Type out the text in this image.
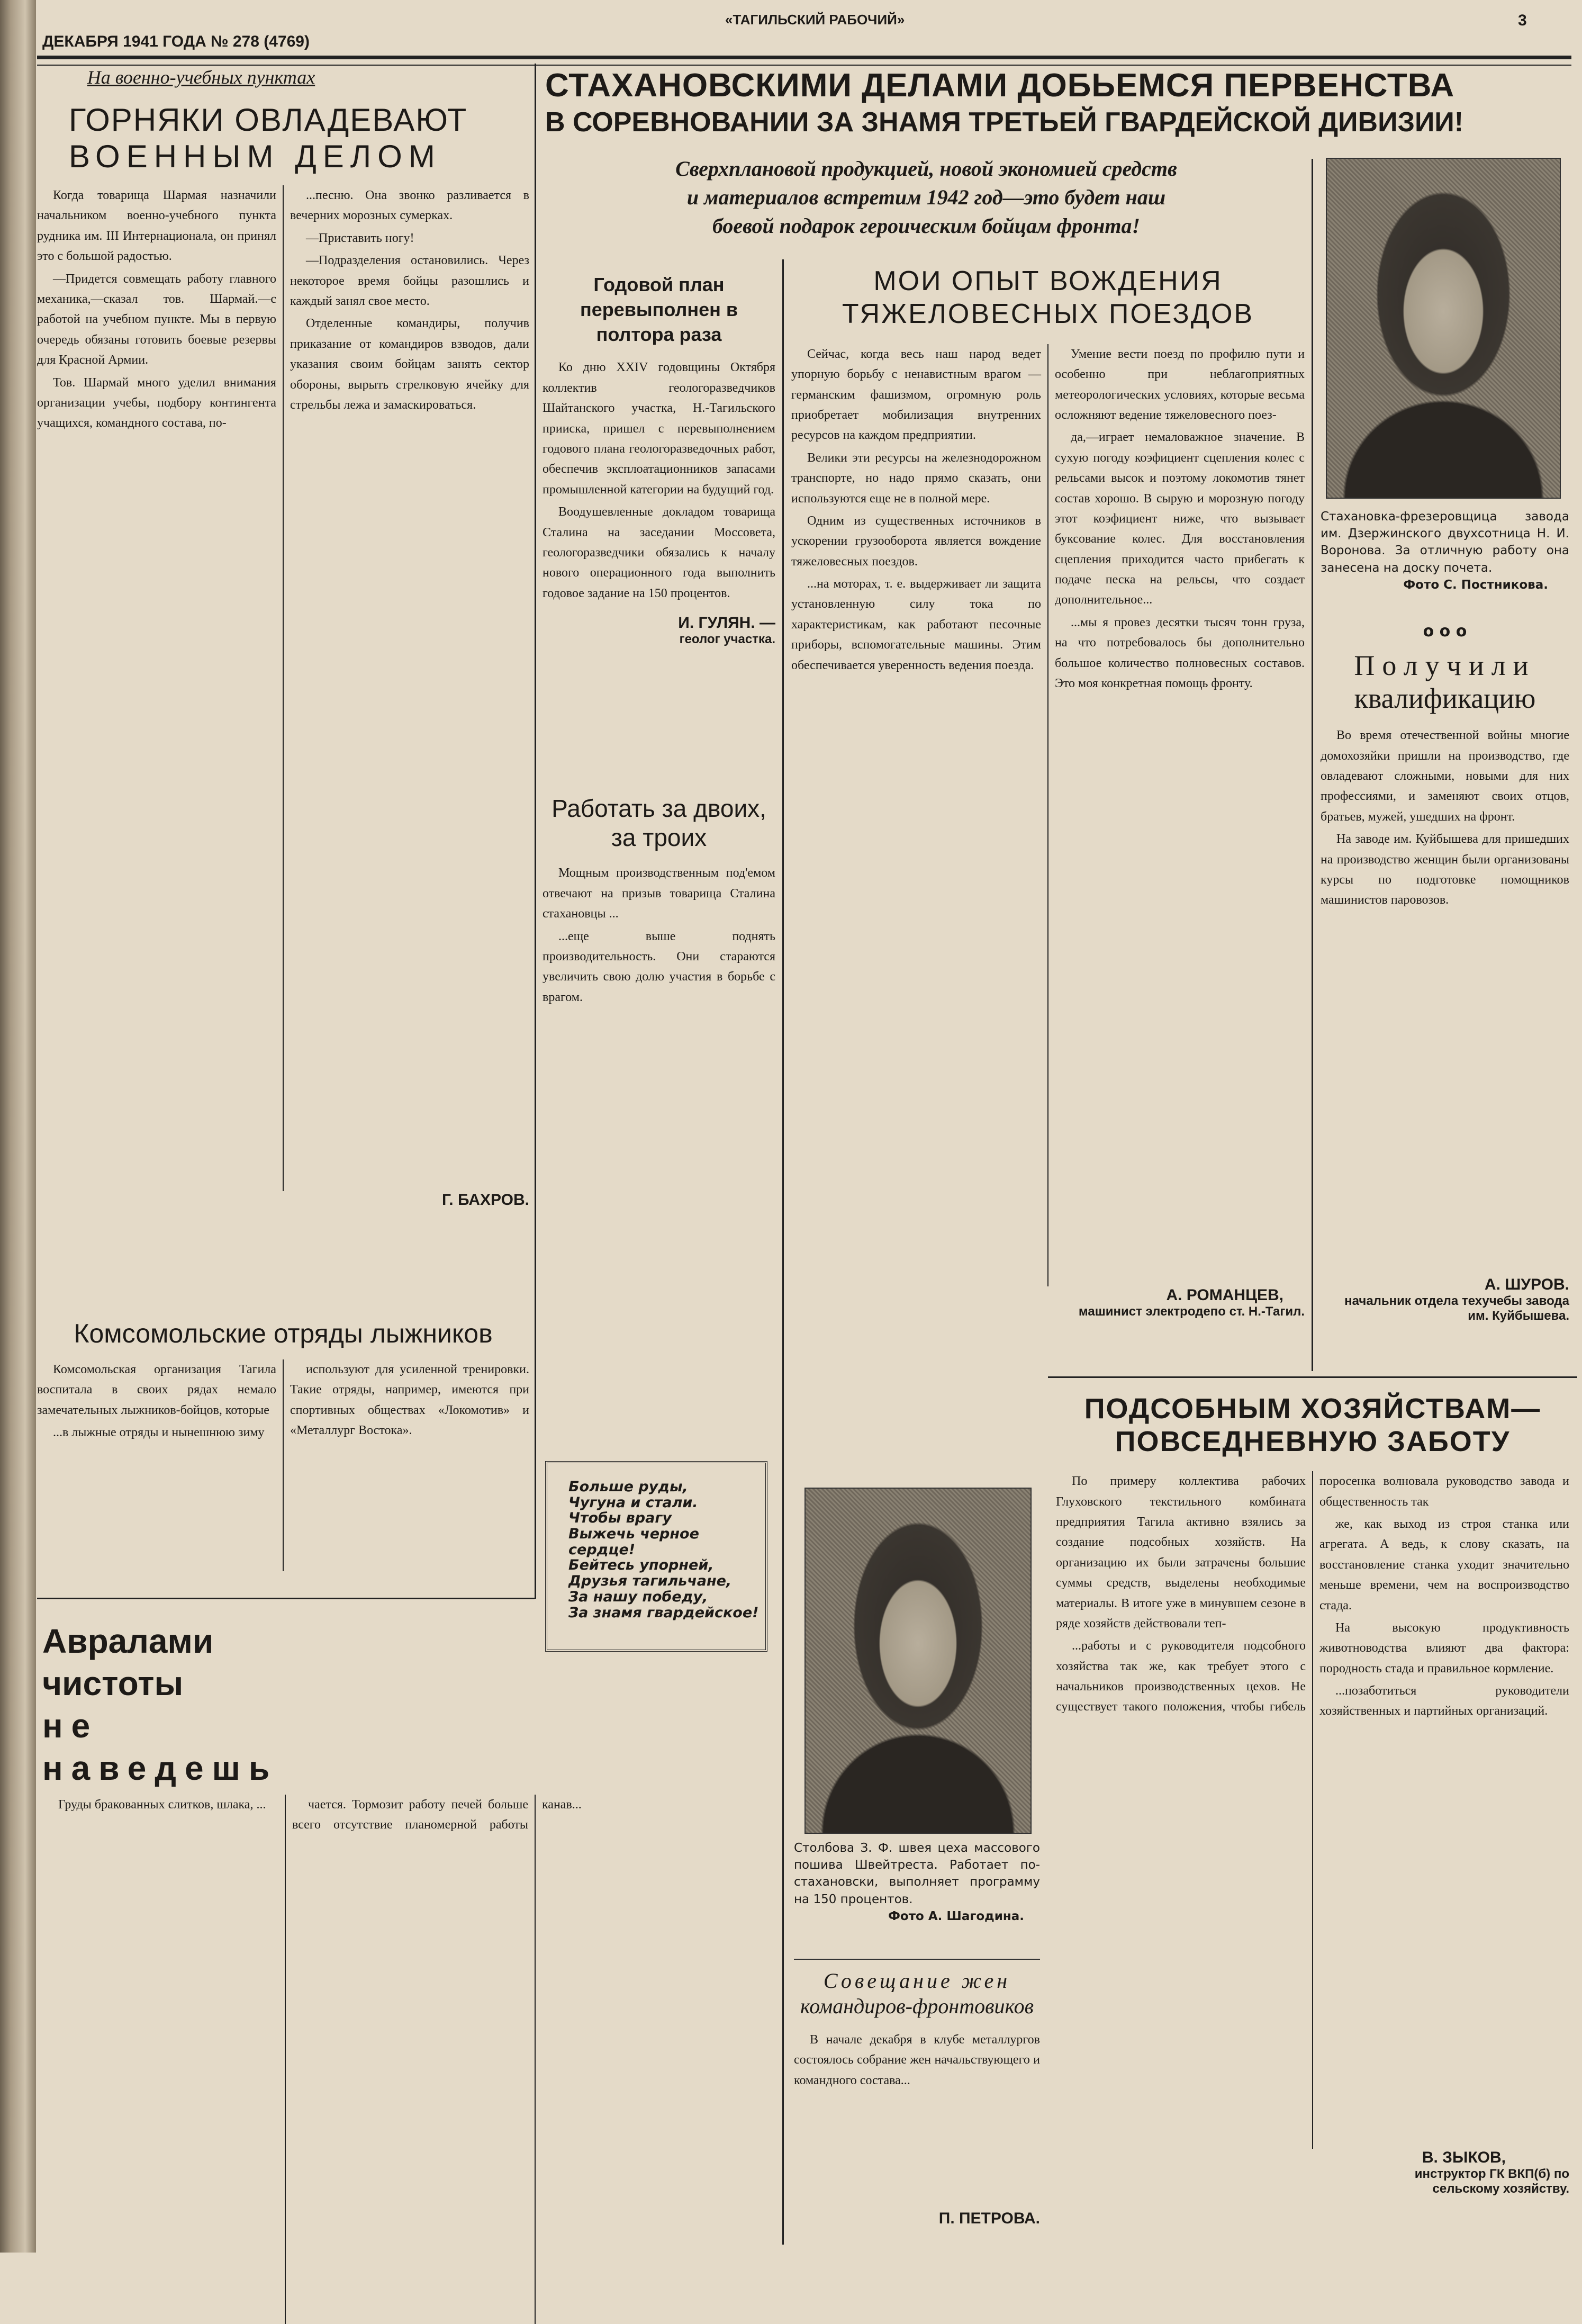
ДЕКАБРЯ 1941 ГОДА № 278 (4769)
«ТАГИЛЬСКИЙ РАБОЧИЙ»	3
На военно-учебных пунктах
ГОРНЯКИ ОВЛАДЕВАЮТ
ВОЕННЫМ ДЕЛОМ

Когда товарища Шармая назначили начальником военно-учебного пункта рудника им. III Интернационала, он принял это с большой радостью.

—Придется совмещать работу главного механика,—сказал тов. Шармай.—с работой на учебном пункте. Мы в первую очередь обязаны готовить боевые резервы для Красной Армии.

Тов. Шармай много уделил внимания организации учебы, подбору контингента учащихся, командного состава, по-

...песню. Она звонко разливается в вечерних морозных сумерках.

—Приставить ногу!

—Подразделения остановились. Через некоторое время бойцы разошлись и каждый занял свое место.

Отделенные командиры, получив приказание от командиров взводов, дали указания своим бойцам занять сектор обороны, вырыть стрелковую ячейку для стрельбы лежа и замаскироваться.

Г. БАХРОВ.
Комсомольские отряды лыжников

Комсомольская организация Тагила воспитала в своих рядах немало замечательных лыжников-бойцов, которые

...в лыжные отряды и нынешнюю зиму

используют для усиленной тренировки. Такие отряды, например, имеются при спортивных обществах «Локомотив» и «Металлург Востока».

Авралами чистоты
не наведешь

Груды бракованных слитков, шлака, ...	чается. Тормозит работу печей больше всего отсутствие планомерной работы канав...

СТАХАНОВСКИМИ ДЕЛАМИ ДОБЬЕМСЯ ПЕРВЕНСТВА
В СОРЕВНОВАНИИ ЗА ЗНАМЯ ТРЕТЬЕЙ ГВАРДЕЙСКОЙ ДИВИЗИИ!
Сверхплановой продукцией, новой экономией средств
и материалов встретим 1942 год—это будет наш
боевой подарок героическим бойцам фронта!
Годовой план перевыполнен в полтора раза

Ко дню XXIV годовщины Октября коллектив геологоразведчиков Шайтанского участка, Н.-Тагильского прииска, пришел с перевыполнением годового плана геологоразведочных работ, обеспечив эксплоатационников запасами промышленной категории на будущий год.

Воодушевленные докладом товарища Сталина на заседании Моссовета, геологоразведчики обязались к началу нового операционного года выполнить годовое задание на 150 процентов.

И. ГУЛЯН. —
геолог участка.
Работать за двоих, за троих

Мощным производственным под'емом отвечают на призыв товарища Сталина стахановцы ...

...еще выше поднять производительность. Они стараются увеличить свою долю участия в борьбе с врагом.

Больше руды,
Чугуна и стали.
Чтобы врагу
Выжечь черное сердце!
Бейтесь упорней,
Друзья тагильчане,
За нашу победу,
За знамя гвардейское!
МОИ ОПЫТ ВОЖДЕНИЯ
ТЯЖЕЛОВЕСНЫХ ПОЕЗДОВ

Сейчас, когда весь наш народ ведет упорную борьбу с ненавистным врагом —германским фашизмом, огромную роль приобретает мобилизация внутренних ресурсов на каждом предприятии.

Велики эти ресурсы на железнодорожном транспорте, но надо прямо сказать, они используются еще не в полной мере.

Одним из существенных источников в ускорении грузооборота является вождение тяжеловесных поездов.

...на моторах, т. е. выдерживает ли защита установленную силу тока по характеристикам, как работают песочные приборы, вспомогательные машины. Этим обеспечивается уверенность ведения поезда.

Умение вести поезд по профилю пути и особенно при неблагоприятных метеорологических условиях, которые весьма осложняют ведение тяжеловесного поез-

да,—играет немаловажное значение. В сухую погоду коэфициент сцепления колес с рельсами высок и поэтому локомотив тянет состав хорошо. В сырую и морозную погоду этот коэфициент ниже, что вызывает буксование колес. Для восстановления сцепления приходится часто прибегать к подаче песка на рельсы, что создает дополнительное...

...мы я провез десятки тысяч тонн груза, на что потребовалось бы дополнительно большое количество полновесных составов. Это моя конкретная помощь фронту.

А. РОМАНЦЕВ,
машинист электродепо ст. Н.-Тагил.
Стахановка-фрезеровщица завода им. Дзержинского двухсотница Н. И. Воронова. За отличную работу она занесена на доску почета.
Фото С. Постникова.
о о о
Получили
квалификацию

Во время отечественной войны многие домохозяйки пришли на производство, где овладевают сложными, новыми для них профессиями, и заменяют своих отцов, братьев, мужей, ушедших на фронт.

На заводе им. Куйбышева для пришедших на производство женщин были организованы курсы по подготовке помощников машинистов паровозов.

А. ШУРОВ.
начальник отдела техучебы завода им. Куйбышева.
ПОДСОБНЫМ ХОЗЯЙСТВАМ—
ПОВСЕДНЕВНУЮ ЗАБОТУ

По примеру коллектива рабочих Глуховского текстильного комбината предприятия Тагила активно взялись за создание подсобных хозяйств. На организацию их были затрачены большие суммы средств, выделены необходимые материалы. В итоге уже в минувшем сезоне в ряде хозяйств действовали теп-

...работы и с руководителя подсобного хозяйства так же, как требует этого с начальников производственных цехов. Не существует такого положения, чтобы гибель поросенка волновала руководство завода и общественность так

же, как выход из строя станка или агрегата. А ведь, к слову сказать, на восстановление станка уходит значительно меньше времени, чем на воспроизводство стада.

На высокую продуктивность животноводства влияют два фактора: породность стада и правильное кормление.

...позаботиться руководители хозяйственных и партийных организаций.

В. ЗЫКОВ,
инструктор ГК ВКП(б) по сельскому хозяйству.
Столбова З. Ф. швея цеха массового пошива Швейтреста. Работает по-стахановски, выполняет программу на 150 процентов.
Фото А. Шагодина.
Совещание жен
командиров-фронтовиков

В начале декабря в клубе металлургов состоялось собрание жен начальствующего и командного состава...

П. ПЕТРОВА.
